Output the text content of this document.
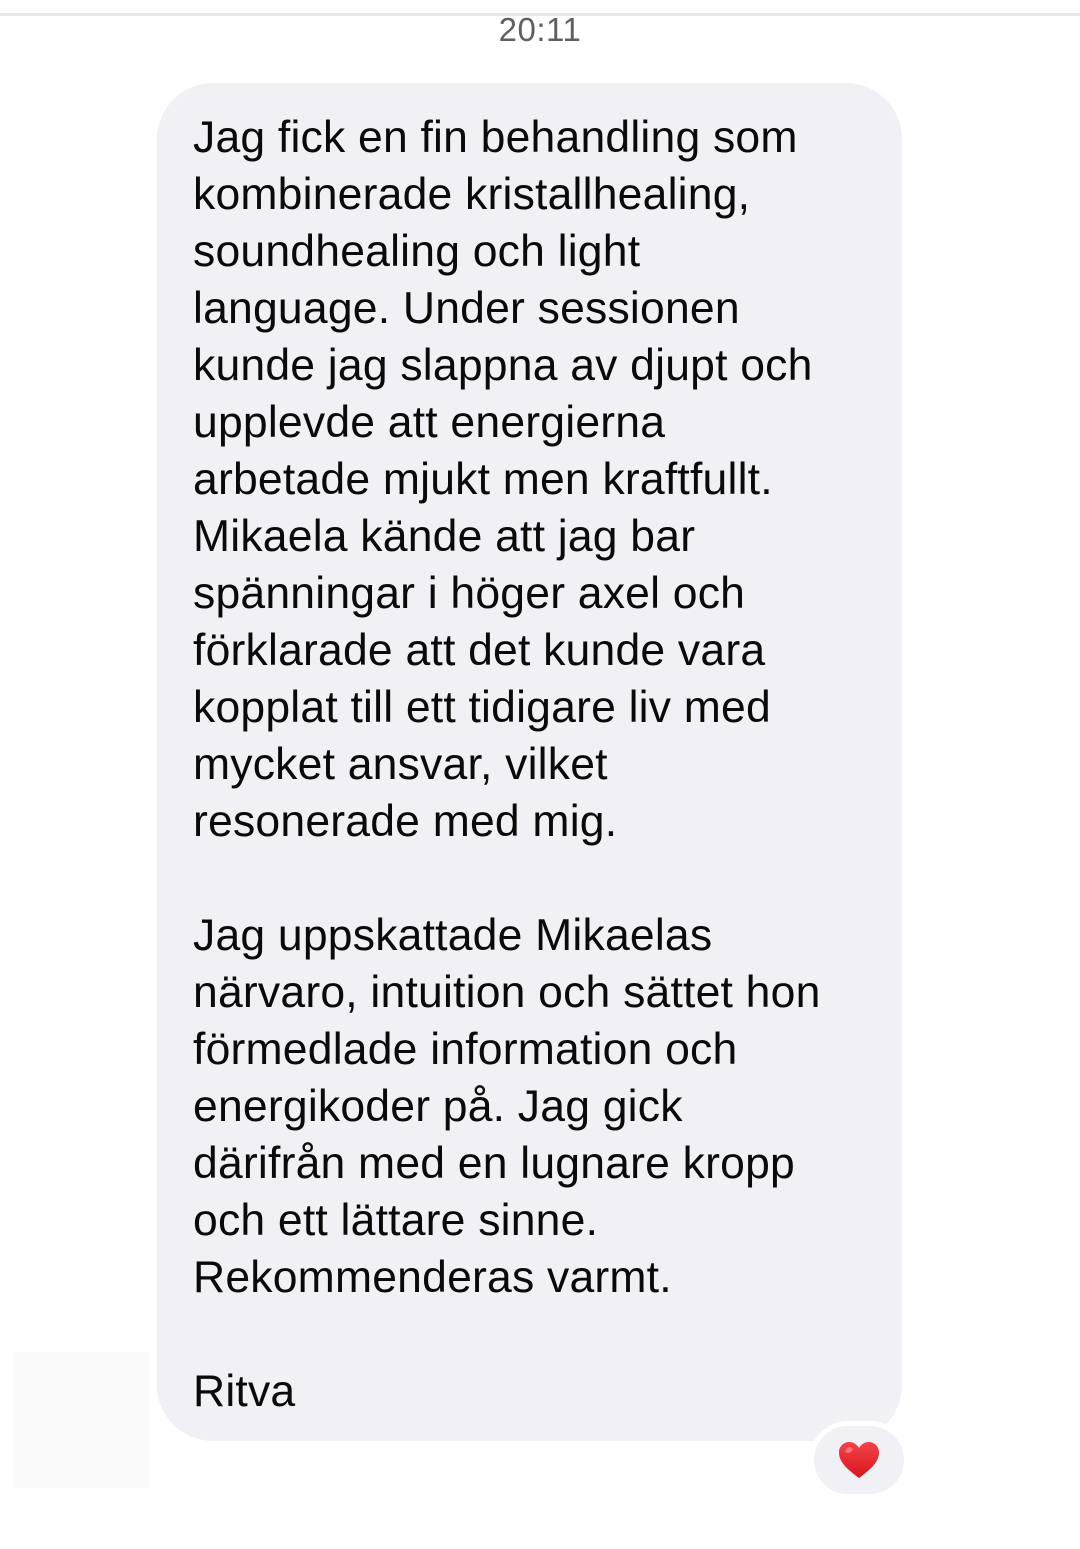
20:11

Jag fick en fin behandling som
kombinerade kristallhealing,
soundhealing och light
language. Under sessionen
kunde jag slappna av djupt och
upplevde att energierna
arbetade mjukt men kraftfullt.
Mikaela kände att jag bar
spänningar i höger axel och
förklarade att det kunde vara
kopplat till ett tidigare liv med
mycket ansvar, vilket
resonerade med mig.

Jag uppskattade Mikaelas
närvaro, intuition och sättet hon
förmedlade information och
energikoder på. Jag gick
därifrån med en lugnare kropp
och ett lättare sinne.
Rekommenderas varmt.

Ritva
